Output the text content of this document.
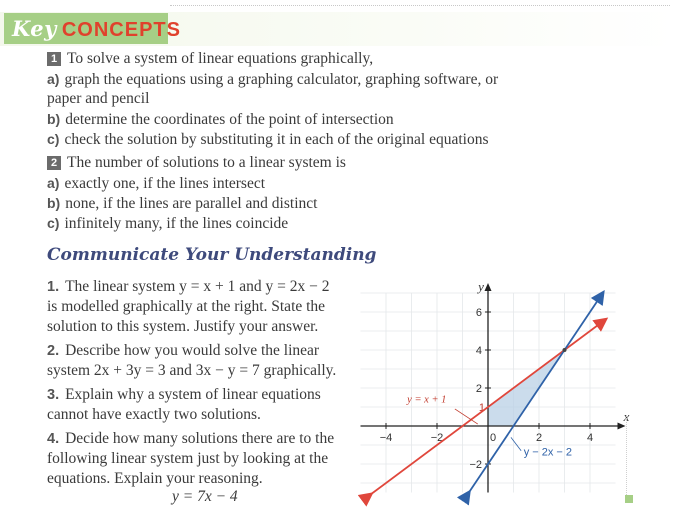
Key CONCEPTS
1 To solve a system of linear equations graphically,
a) graph the equations using a graphing calculator, graphing software, or
paper and pencil
b) determine the coordinates of the point of intersection
c) check the solution by substituting it in each of the original equations
2 The number of solutions to a linear system is
a) exactly one, if the lines intersect
b) none, if the lines are parallel and distinct
c) infinitely many, if the lines coincide
Communicate Your Understanding
1. The linear system y = x + 1 and y = 2x − 2
is modelled graphically at the right. State the
solution to this system. Justify your answer.
2. Describe how you would solve the linear
system 2x + 3y = 3 and 3x − y = 7 graphically.
3. Explain why a system of linear equations
cannot have exactly two solutions.
4. Decide how many solutions there are to the
following linear system just by looking at the
equations. Explain your reasoning.
y = 7x − 4
−4	−2	2	4
−2
2
4
6
0
1
x
y
y = x + 1
y − 2x − 2
